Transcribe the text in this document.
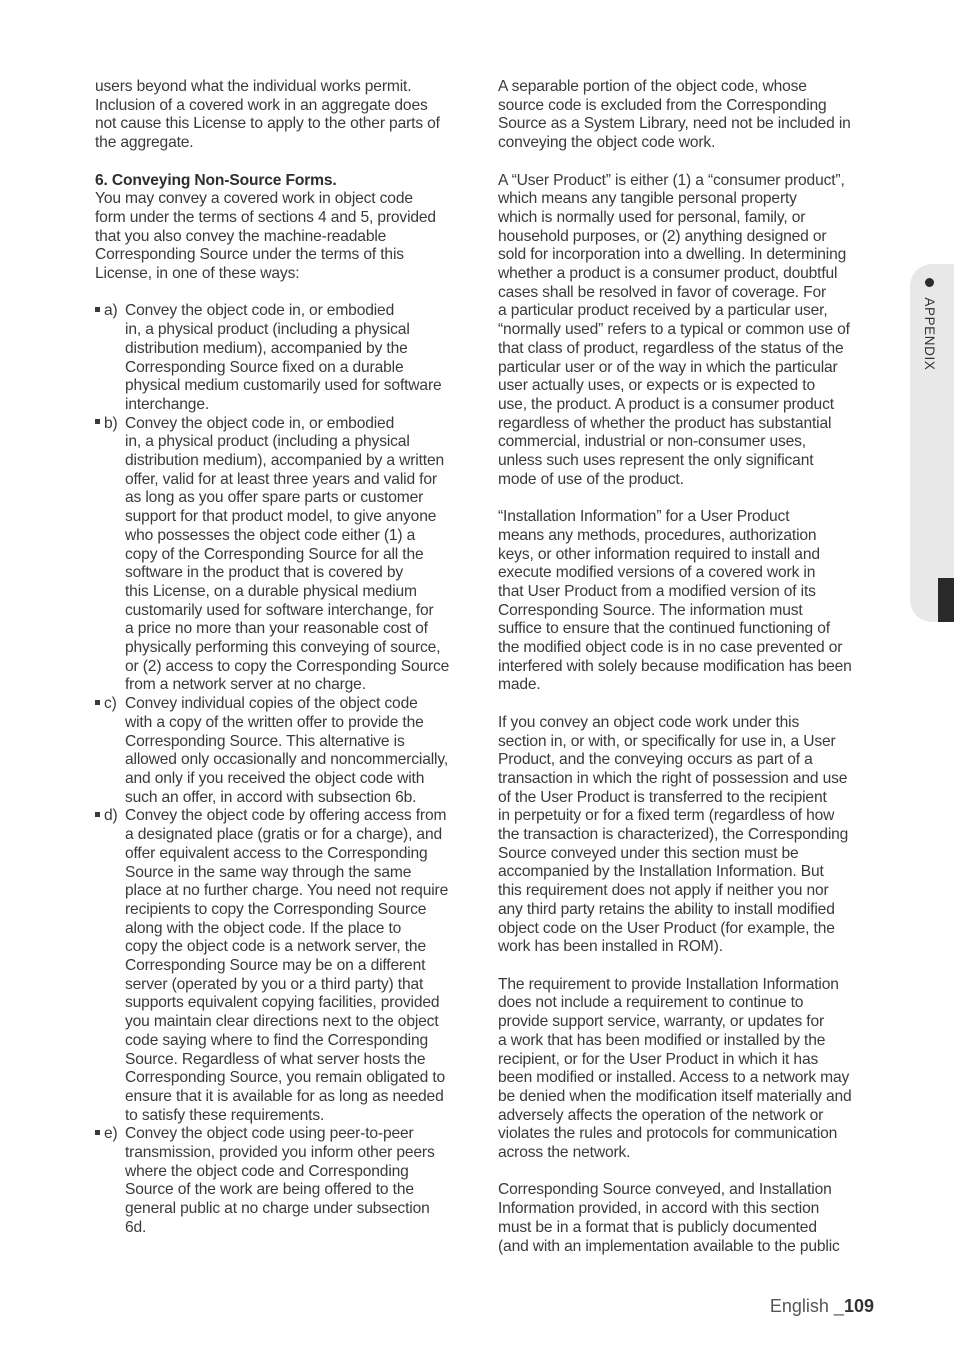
users beyond what the individual works permit.
Inclusion of a covered work in an aggregate does
not cause this License to apply to the other parts of
the aggregate.

6. Conveying Non-Source Forms.

You may convey a covered work in object code
form under the terms of sections 4 and 5, provided
that you also convey the machine-readable
Corresponding Source under the terms of this
License, in one of these ways:

a) Convey the object code in, or embodied
in, a physical product (including a physical
distribution medium), accompanied by the
Corresponding Source fixed on a durable
physical medium customarily used for software
interchange.
b) Convey the object code in, or embodied
in, a physical product (including a physical
distribution medium), accompanied by a written
offer, valid for at least three years and valid for
as long as you offer spare parts or customer
support for that product model, to give anyone
who possesses the object code either (1) a
copy of the Corresponding Source for all the
software in the product that is covered by
this License, on a durable physical medium
customarily used for software interchange, for
a price no more than your reasonable cost of
physically performing this conveying of source,
or (2) access to copy the Corresponding Source
from a network server at no charge.
c) Convey individual copies of the object code
with a copy of the written offer to provide the
Corresponding Source. This alternative is
allowed only occasionally and noncommercially,
and only if you received the object code with
such an offer, in accord with subsection 6b.
d) Convey the object code by offering access from
a designated place (gratis or for a charge), and
offer equivalent access to the Corresponding
Source in the same way through the same
place at no further charge. You need not require
recipients to copy the Corresponding Source
along with the object code. If the place to
copy the object code is a network server, the
Corresponding Source may be on a different
server (operated by you or a third party) that
supports equivalent copying facilities, provided
you maintain clear directions next to the object
code saying where to find the Corresponding
Source. Regardless of what server hosts the
Corresponding Source, you remain obligated to
ensure that it is available for as long as needed
to satisfy these requirements.
e) Convey the object code using peer-to-peer
transmission, provided you inform other peers
where the object code and Corresponding
Source of the work are being offered to the
general public at no charge under subsection
6d.

A separable portion of the object code, whose
source code is excluded from the Corresponding
Source as a System Library, need not be included in
conveying the object code work.

A “User Product” is either (1) a “consumer product”,
which means any tangible personal property
which is normally used for personal, family, or
household purposes, or (2) anything designed or
sold for incorporation into a dwelling. In determining
whether a product is a consumer product, doubtful
cases shall be resolved in favor of coverage. For
a particular product received by a particular user,
“normally used” refers to a typical or common use of
that class of product, regardless of the status of the
particular user or of the way in which the particular
user actually uses, or expects or is expected to
use, the product. A product is a consumer product
regardless of whether the product has substantial
commercial, industrial or non-consumer uses,
unless such uses represent the only significant
mode of use of the product.

“Installation Information” for a User Product
means any methods, procedures, authorization
keys, or other information required to install and
execute modified versions of a covered work in
that User Product from a modified version of its
Corresponding Source. The information must
suffice to ensure that the continued functioning of
the modified object code is in no case prevented or
interfered with solely because modification has been
made.

If you convey an object code work under this
section in, or with, or specifically for use in, a User
Product, and the conveying occurs as part of a
transaction in which the right of possession and use
of the User Product is transferred to the recipient
in perpetuity or for a fixed term (regardless of how
the transaction is characterized), the Corresponding
Source conveyed under this section must be
accompanied by the Installation Information. But
this requirement does not apply if neither you nor
any third party retains the ability to install modified
object code on the User Product (for example, the
work has been installed in ROM).

The requirement to provide Installation Information
does not include a requirement to continue to
provide support service, warranty, or updates for
a work that has been modified or installed by the
recipient, or for the User Product in which it has
been modified or installed. Access to a network may
be denied when the modification itself materially and
adversely affects the operation of the network or
violates the rules and protocols for communication
across the network.

Corresponding Source conveyed, and Installation
Information provided, in accord with this section
must be in a format that is publicly documented
(and with an implementation available to the public

APPENDIX
English _109
